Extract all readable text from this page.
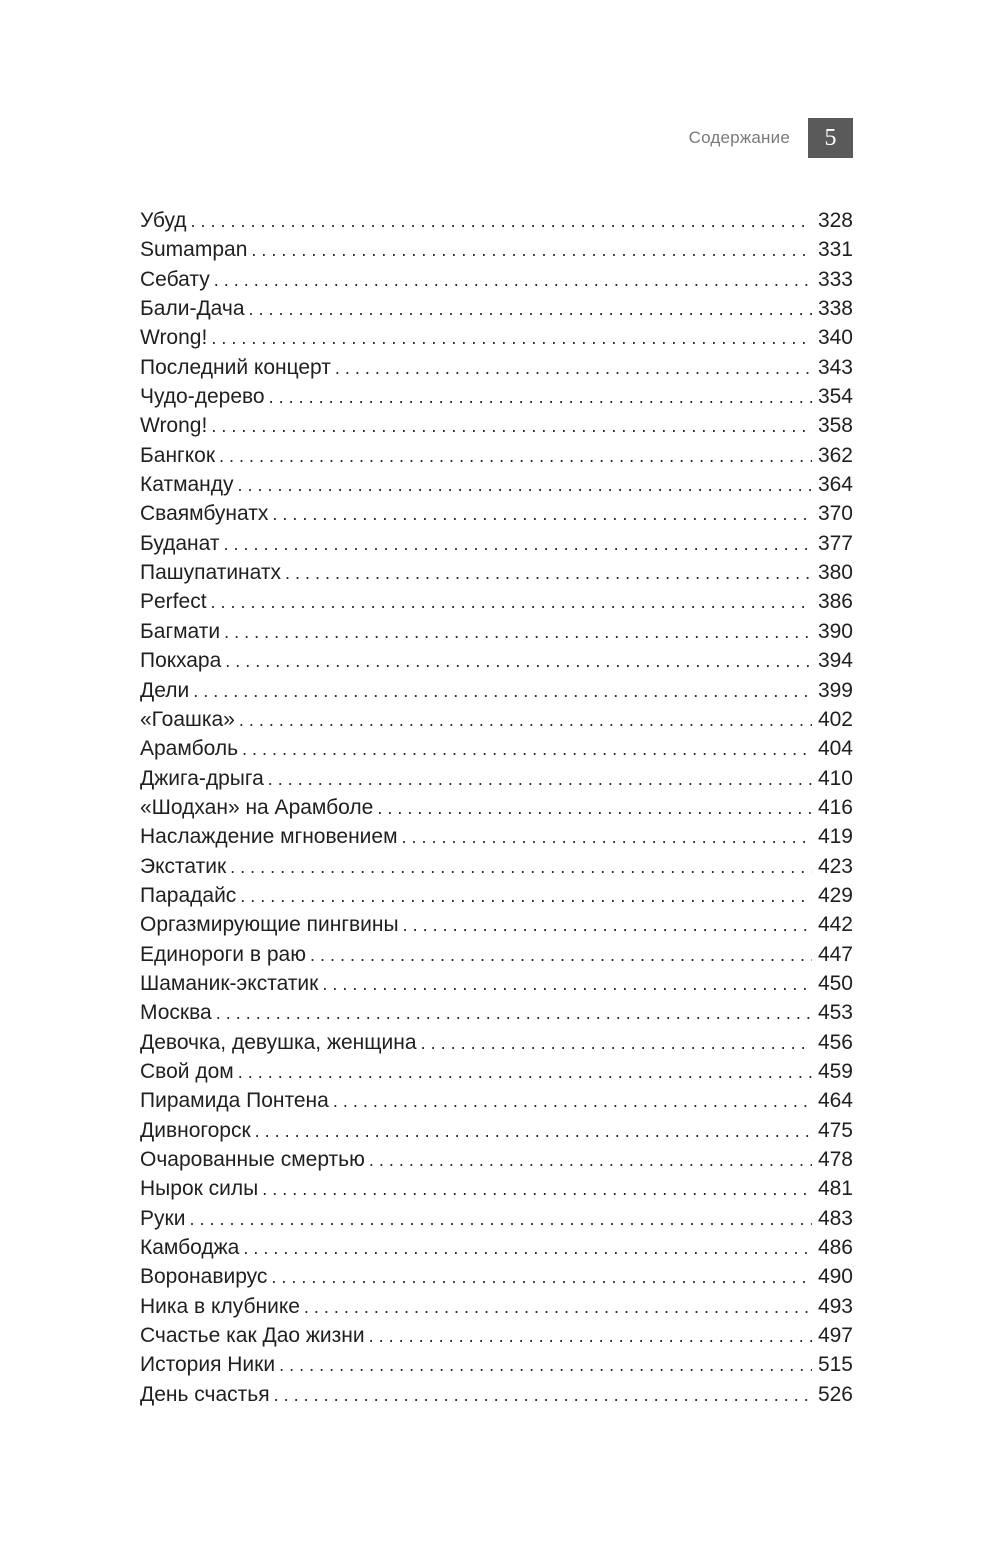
Содержание 5
Убуд . . .	328
Sumampan . . .	331
Себату . . .	333
Бали-Дача . . .	338
Wrong! . . .	340
Последний концерт . . .	343
Чудо-дерево . . .	354
Wrong! . . .	358
Бангкок . . .	362
Катманду . . .	364
Сваямбунатх . . .	370
Буданат . . .	377
Пашупатинатх . . .	380
Perfect . . .	386
Багмати . . .	390
Покхара . . .	394
Дели . . .	399
«Гоашка» . . .	402
Арамболь . . .	404
Джига-дрыга . . .	410
«Шодхан» на Арамболе . . .	416
Наслаждение мгновением . . .	419
Экстатик . . .	423
Парадайс . . .	429
Оргазмирующие пингвины . . .	442
Единороги в раю . . .	447
Шаманик-экстатик . . .	450
Москва . . .	453
Девочка, девушка, женщина . . .	456
Свой дом . . .	459
Пирамида Понтена . . .	464
Дивногорск . . .	475
Очарованные смертью . . .	478
Нырок силы . . .	481
Руки . . .	483
Камбоджа . . .	486
Воронавирус . . .	490
Ника в клубнике . . .	493
Счастье как Дао жизни . . .	497
История Ники . . .	515
День счастья . . .	526
